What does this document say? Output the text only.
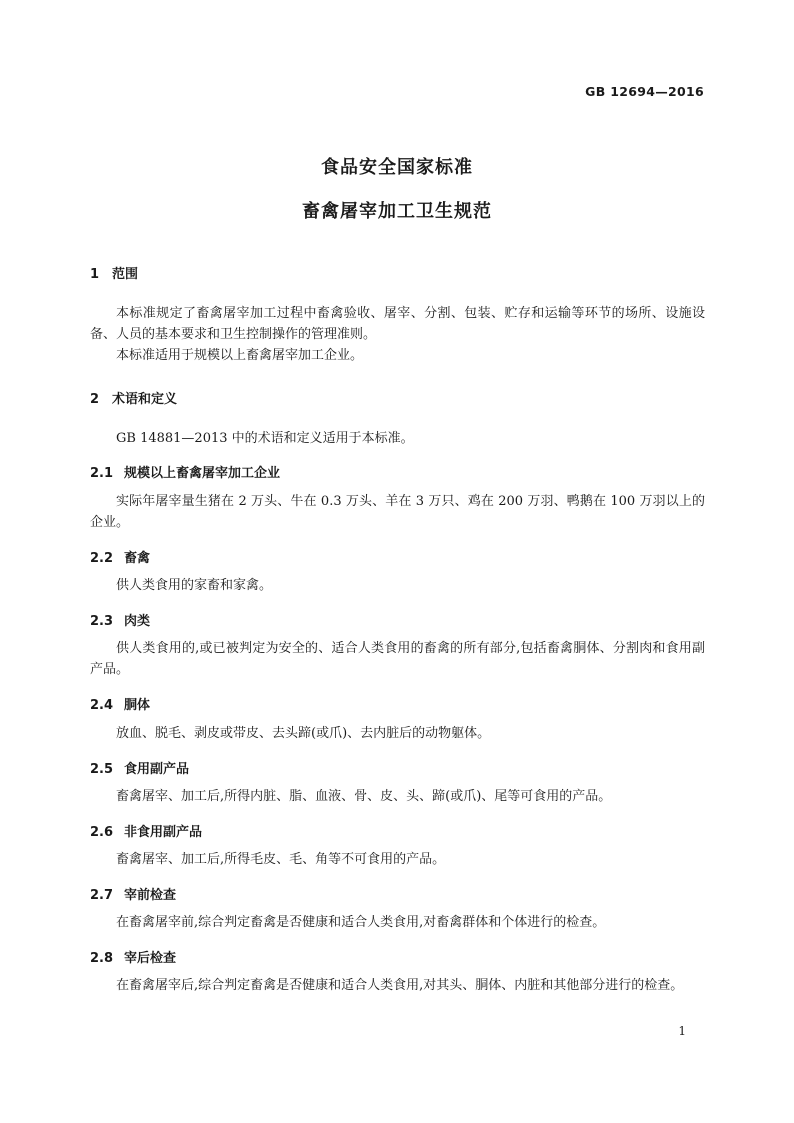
GB 12694—2016
食品安全国家标准
畜禽屠宰加工卫生规范
1 范围
本标准规定了畜禽屠宰加工过程中畜禽验收、屠宰、分割、包装、贮存和运输等环节的场所、设施设备、人员的基本要求和卫生控制操作的管理准则。
本标准适用于规模以上畜禽屠宰加工企业。
2 术语和定义
GB 14881—2013 中的术语和定义适用于本标准。
2.1 规模以上畜禽屠宰加工企业
实际年屠宰量生猪在 2 万头、牛在 0.3 万头、羊在 3 万只、鸡在 200 万羽、鸭鹅在 100 万羽以上的企业。
2.2 畜禽
供人类食用的家畜和家禽。
2.3 肉类
供人类食用的,或已被判定为安全的、适合人类食用的畜禽的所有部分,包括畜禽胴体、分割肉和食用副产品。
2.4 胴体
放血、脱毛、剥皮或带皮、去头蹄(或爪)、去内脏后的动物躯体。
2.5 食用副产品
畜禽屠宰、加工后,所得内脏、脂、血液、骨、皮、头、蹄(或爪)、尾等可食用的产品。
2.6 非食用副产品
畜禽屠宰、加工后,所得毛皮、毛、角等不可食用的产品。
2.7 宰前检查
在畜禽屠宰前,综合判定畜禽是否健康和适合人类食用,对畜禽群体和个体进行的检查。
2.8 宰后检查
在畜禽屠宰后,综合判定畜禽是否健康和适合人类食用,对其头、胴体、内脏和其他部分进行的检查。
1
